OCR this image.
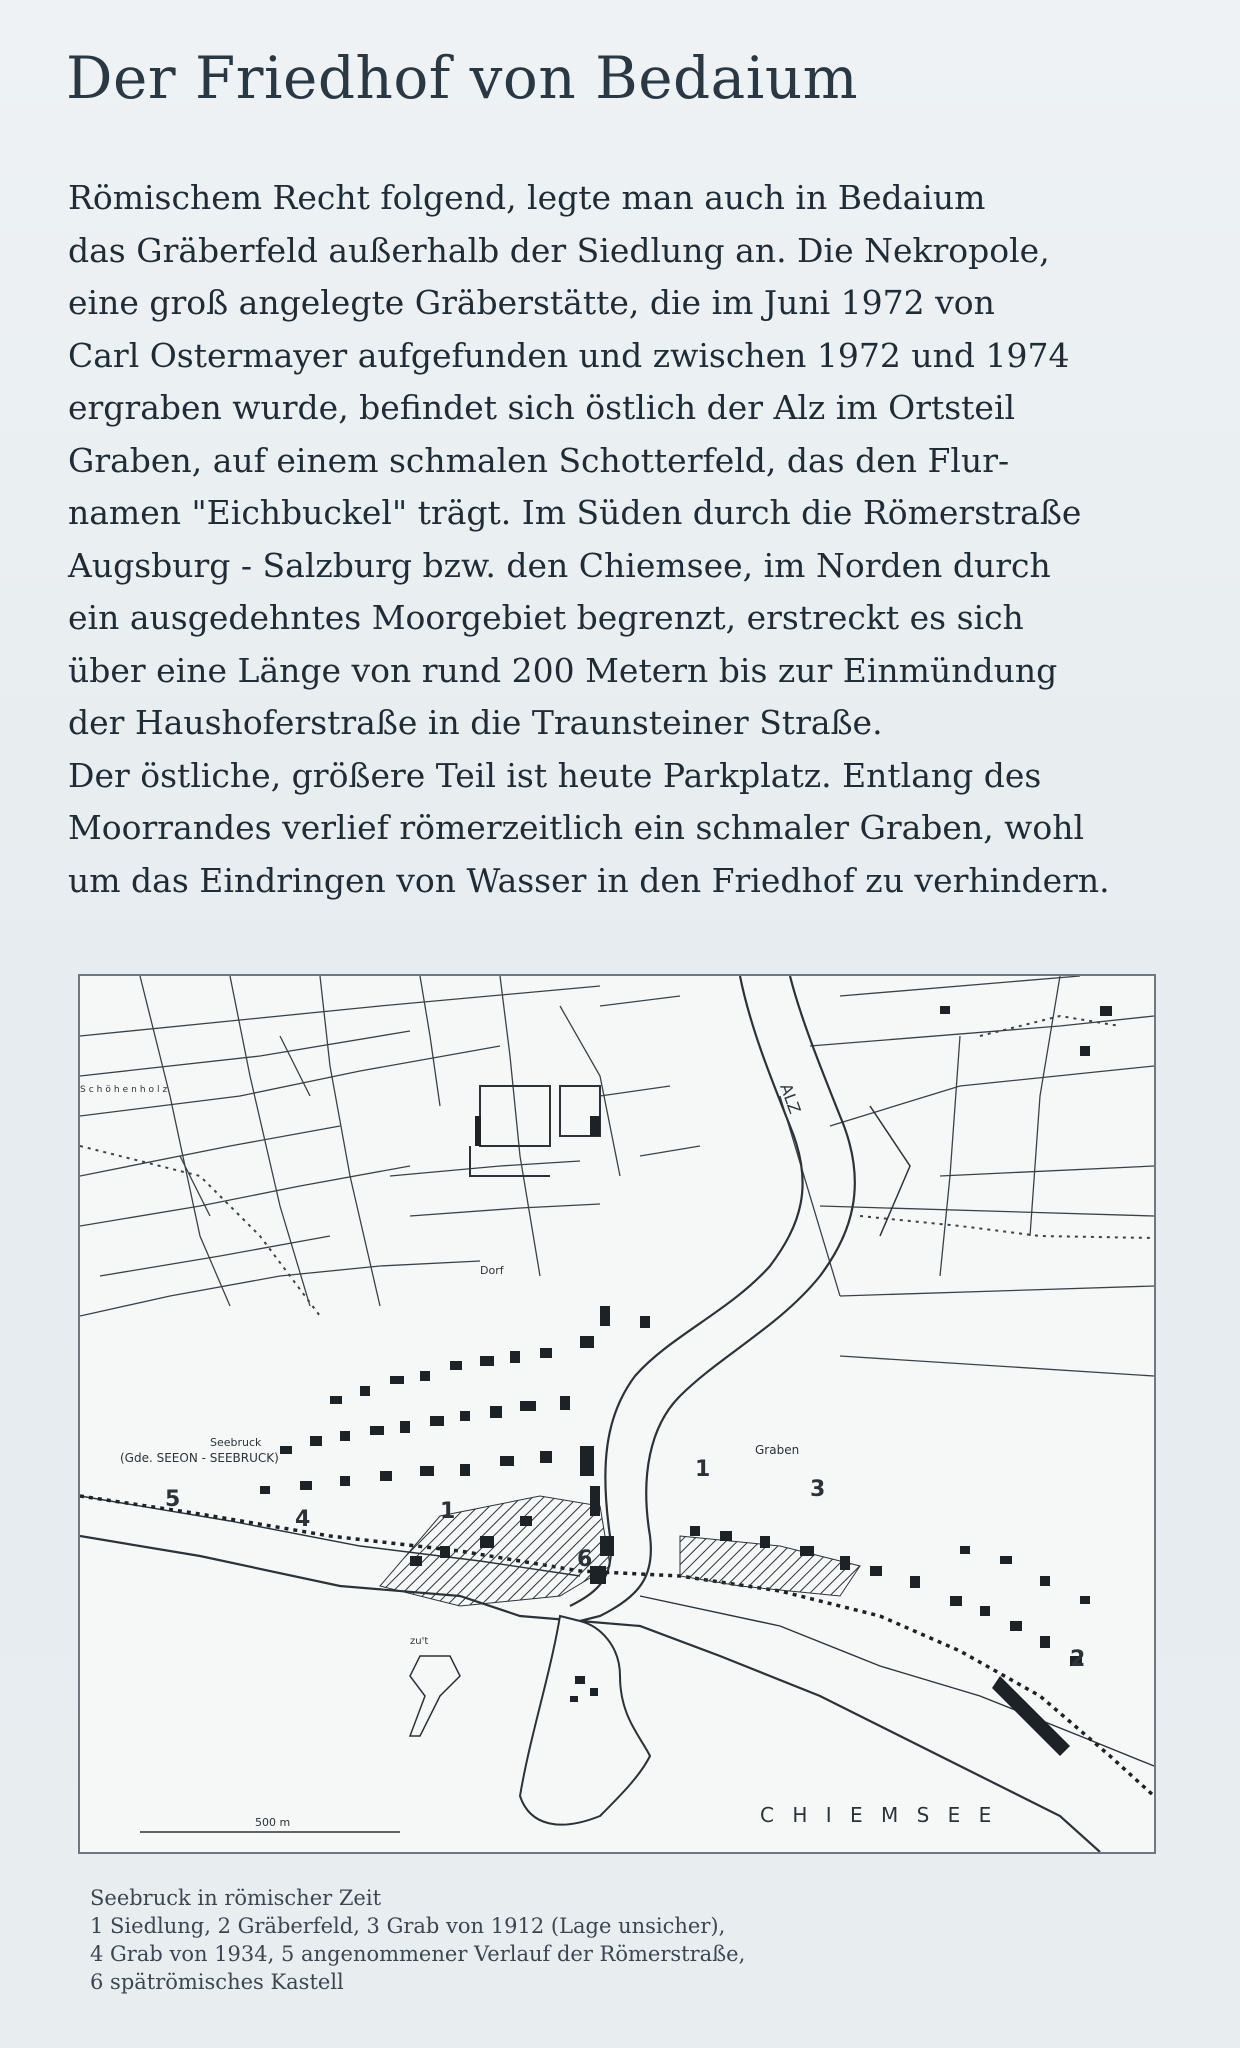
Der Friedhof von Bedaium
Römischem Recht folgend, legte man auch in Bedaium
das Gräberfeld außerhalb der Siedlung an. Die Nekropole,
eine groß angelegte Gräberstätte, die im Juni 1972 von
Carl Ostermayer aufgefunden und zwischen 1972 und 1974
ergraben wurde, befindet sich östlich der Alz im Ortsteil
Graben, auf einem schmalen Schotterfeld, das den Flur-
namen "Eichbuckel" trägt. Im Süden durch die Römerstraße
Augsburg - Salzburg bzw. den Chiemsee, im Norden durch
ein ausgedehntes Moorgebiet begrenzt, erstreckt es sich
über eine Länge von rund 200 Metern bis zur Einmündung
der Haushoferstraße in die Traunsteiner Straße.
Der östliche, größere Teil ist heute Parkplatz. Entlang des
Moorrandes verlief römerzeitlich ein schmaler Graben, wohl
um das Eindringen von Wasser in den Friedhof zu verhindern.
ALZ
C H I E M S E E
500 m
Seebruck
(Gde. SEEON - SEEBRUCK)
Graben
Dorf
Schöhenholz
zu't
1
1
2
3
4
5
6
Seebruck in römischer Zeit
1 Siedlung, 2 Gräberfeld, 3 Grab von 1912 (Lage unsicher),
4 Grab von 1934, 5 angenommener Verlauf der Römerstraße,
6 spätrömisches Kastell
